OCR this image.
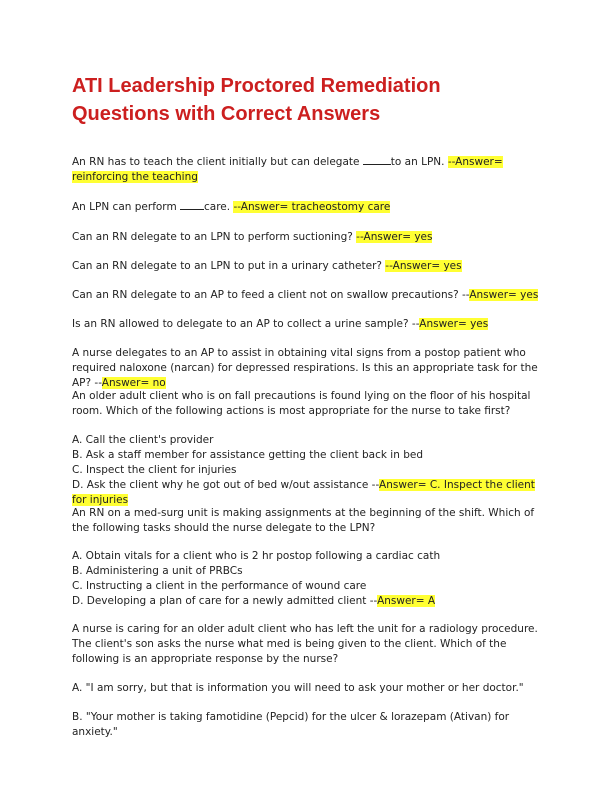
ATI Leadership Proctored Remediation Questions with Correct Answers

An RN has to teach the client initially but can delegate	to an LPN. --Answer= reinforcing the teaching

An LPN can perform care. --Answer= tracheostomy care

Can an RN delegate to an LPN to perform suctioning? --Answer= yes

Can an RN delegate to an LPN to put in a urinary catheter? --Answer= yes

Can an RN delegate to an AP to feed a client not on swallow precautions? --Answer= yes

Is an RN allowed to delegate to an AP to collect a urine sample? --Answer= yes

A nurse delegates to an AP to assist in obtaining vital signs from a postop patient who required naloxone (narcan) for depressed respirations. Is this an appropriate task for the AP? --Answer= no

An older adult client who is on fall precautions is found lying on the floor of his hospital room. Which of the following actions is most appropriate for the nurse to take first?

A. Call the client's provider
B. Ask a staff member for assistance getting the client back in bed
C. Inspect the client for injuries
D. Ask the client why he got out of bed w/out assistance --Answer= C. Inspect the client for injuries

An RN on a med-surg unit is making assignments at the beginning of the shift. Which of the following tasks should the nurse delegate to the LPN?

A. Obtain vitals for a client who is 2 hr postop following a cardiac cath
B. Administering a unit of PRBCs
C. Instructing a client in the performance of wound care
D. Developing a plan of care for a newly admitted client --Answer= A

A nurse is caring for an older adult client who has left the unit for a radiology procedure. The client's son asks the nurse what med is being given to the client. Which of the following is an appropriate response by the nurse?

A. "I am sorry, but that is information you will need to ask your mother or her doctor."

B. "Your mother is taking famotidine (Pepcid) for the ulcer & lorazepam (Ativan) for anxiety."
